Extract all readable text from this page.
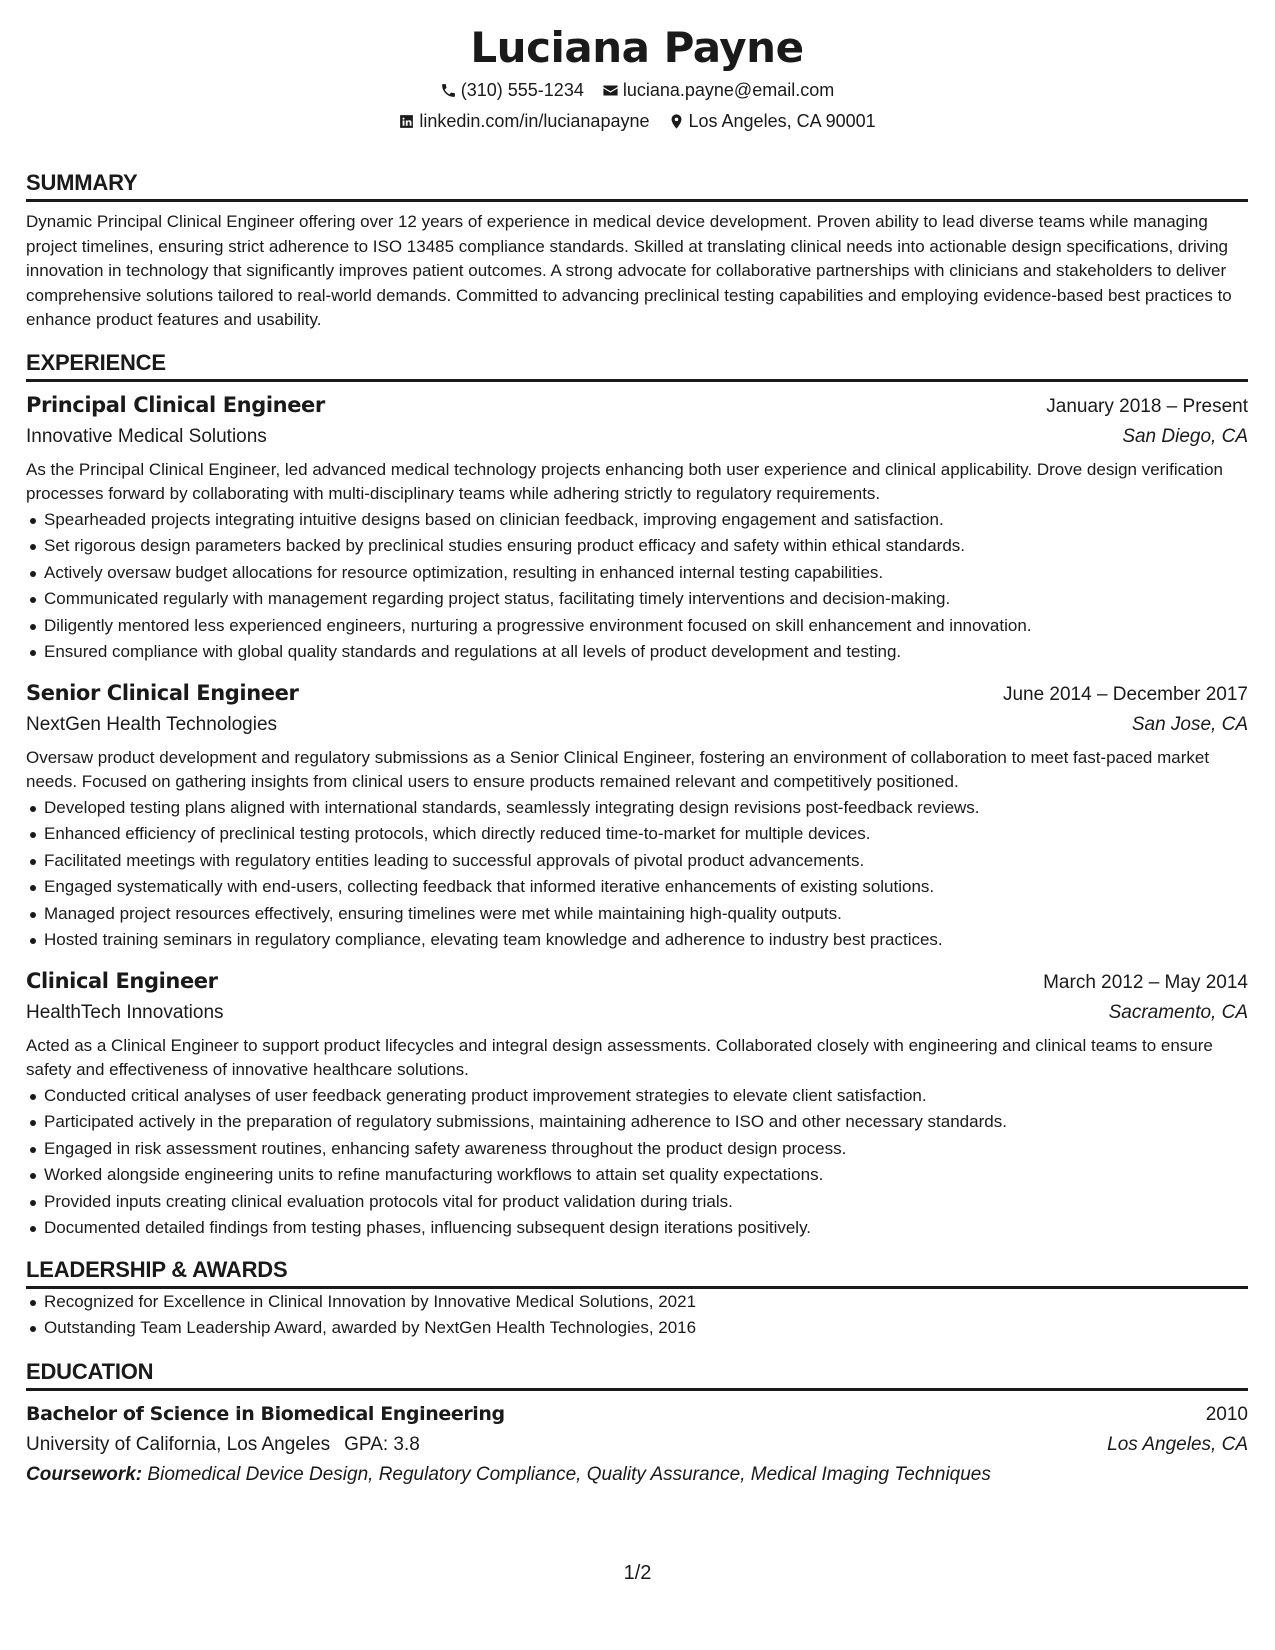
Luciana Payne
(310) 555-1234 luciana.payne@email.com
linkedin.com/in/lucianapayne Los Angeles, CA 90001
SUMMARY
Dynamic Principal Clinical Engineer offering over 12 years of experience in medical device development. Proven ability to lead diverse teams while managing project timelines, ensuring strict adherence to ISO 13485 compliance standards. Skilled at translating clinical needs into actionable design specifications, driving innovation in technology that significantly improves patient outcomes. A strong advocate for collaborative partnerships with clinicians and stakeholders to deliver comprehensive solutions tailored to real-world demands. Committed to advancing preclinical testing capabilities and employing evidence-based best practices to enhance product features and usability.
EXPERIENCE
Principal Clinical Engineer	January 2018 – Present
Innovative Medical Solutions	San Diego, CA
As the Principal Clinical Engineer, led advanced medical technology projects enhancing both user experience and clinical applicability. Drove design verification processes forward by collaborating with multi-disciplinary teams while adhering strictly to regulatory requirements.
Spearheaded projects integrating intuitive designs based on clinician feedback, improving engagement and satisfaction.
Set rigorous design parameters backed by preclinical studies ensuring product efficacy and safety within ethical standards.
Actively oversaw budget allocations for resource optimization, resulting in enhanced internal testing capabilities.
Communicated regularly with management regarding project status, facilitating timely interventions and decision-making.
Diligently mentored less experienced engineers, nurturing a progressive environment focused on skill enhancement and innovation.
Ensured compliance with global quality standards and regulations at all levels of product development and testing.
Senior Clinical Engineer	June 2014 – December 2017
NextGen Health Technologies	San Jose, CA
Oversaw product development and regulatory submissions as a Senior Clinical Engineer, fostering an environment of collaboration to meet fast-paced market needs. Focused on gathering insights from clinical users to ensure products remained relevant and competitively positioned.
Developed testing plans aligned with international standards, seamlessly integrating design revisions post-feedback reviews.
Enhanced efficiency of preclinical testing protocols, which directly reduced time-to-market for multiple devices.
Facilitated meetings with regulatory entities leading to successful approvals of pivotal product advancements.
Engaged systematically with end-users, collecting feedback that informed iterative enhancements of existing solutions.
Managed project resources effectively, ensuring timelines were met while maintaining high-quality outputs.
Hosted training seminars in regulatory compliance, elevating team knowledge and adherence to industry best practices.
Clinical Engineer	March 2012 – May 2014
HealthTech Innovations	Sacramento, CA
Acted as a Clinical Engineer to support product lifecycles and integral design assessments. Collaborated closely with engineering and clinical teams to ensure safety and effectiveness of innovative healthcare solutions.
Conducted critical analyses of user feedback generating product improvement strategies to elevate client satisfaction.
Participated actively in the preparation of regulatory submissions, maintaining adherence to ISO and other necessary standards.
Engaged in risk assessment routines, enhancing safety awareness throughout the product design process.
Worked alongside engineering units to refine manufacturing workflows to attain set quality expectations.
Provided inputs creating clinical evaluation protocols vital for product validation during trials.
Documented detailed findings from testing phases, influencing subsequent design iterations positively.
LEADERSHIP & AWARDS
Recognized for Excellence in Clinical Innovation by Innovative Medical Solutions, 2021
Outstanding Team Leadership Award, awarded by NextGen Health Technologies, 2016
EDUCATION
Bachelor of Science in Biomedical Engineering	2010
University of California, Los Angeles GPA: 3.8	Los Angeles, CA
Coursework: Biomedical Device Design, Regulatory Compliance, Quality Assurance, Medical Imaging Techniques
1/2
